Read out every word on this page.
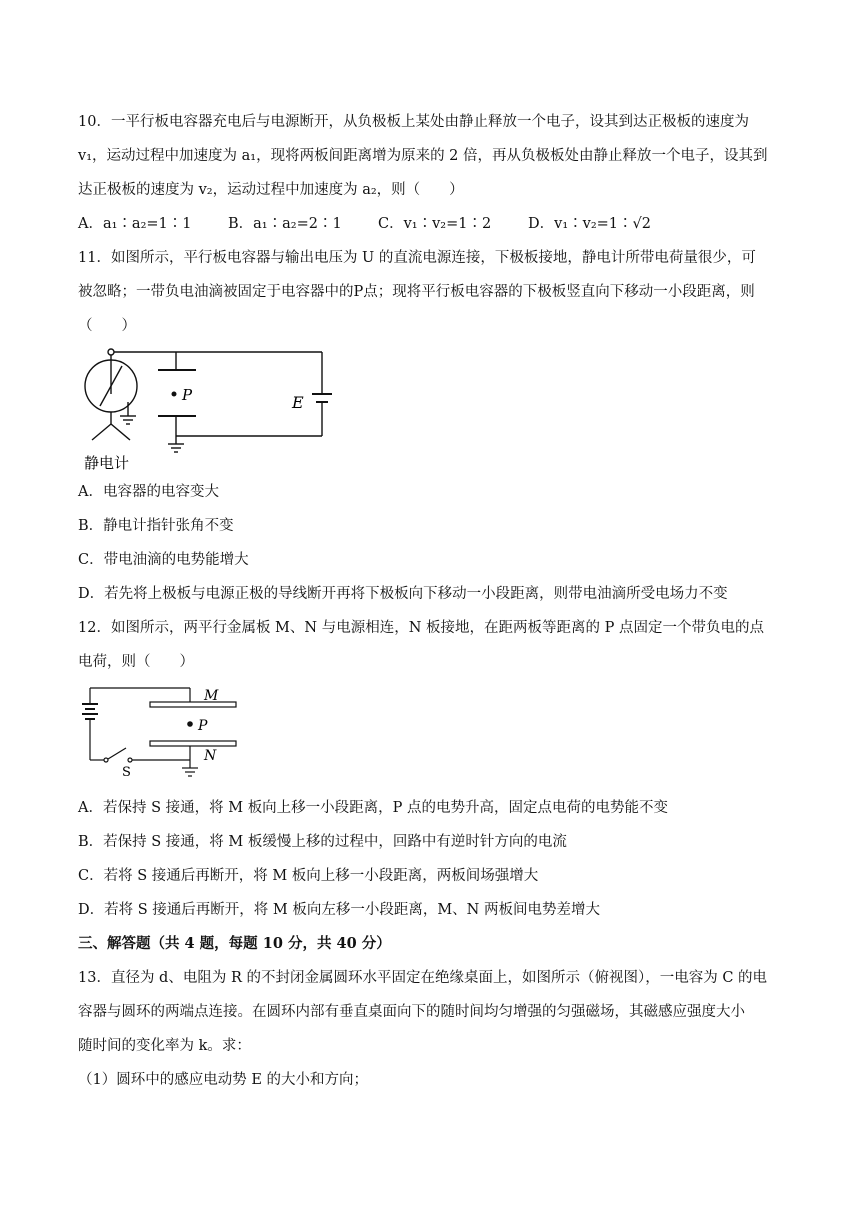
10．一平行板电容器充电后与电源断开，从负极板上某处由静止释放一个电子，设其到达正极板的速度为
v₁，运动过程中加速度为 a₁，现将两板间距离增为原来的 2 倍，再从负极板处由静止释放一个电子，设其到
达正极板的速度为 v₂，运动过程中加速度为 a₂，则（　　）
A．a₁∶a₂=1∶1	B．a₁∶a₂=2∶1	C．v₁∶v₂=1∶2	D．v₁∶v₂=1∶√2
11．如图所示，平行板电容器与输出电压为 U 的直流电源连接，下极板接地，静电计所带电荷量很少，可
被忽略；一带负电油滴被固定于电容器中的P点；现将平行板电容器的下极板竖直向下移动一小段距离，则
（　　）
P	E
静电计
A．电容器的电容变大
B．静电计指针张角不变
C．带电油滴的电势能增大
D．若先将上极板与电源正极的导线断开再将下极板向下移动一小段距离，则带电油滴所受电场力不变
12．如图所示，两平行金属板 M、N 与电源相连，N 板接地，在距两板等距离的 P 点固定一个带负电的点
电荷，则（　　）
M
P
N
S
A．若保持 S 接通，将 M 板向上移一小段距离，P 点的电势升高，固定点电荷的电势能不变
B．若保持 S 接通，将 M 板缓慢上移的过程中，回路中有逆时针方向的电流
C．若将 S 接通后再断开，将 M 板向上移一小段距离，两板间场强增大
D．若将 S 接通后再断开，将 M 板向左移一小段距离，M、N 两板间电势差增大
三、解答题（共 4 题，每题 10 分，共 40 分）
13．直径为 d、电阻为 R 的不封闭金属圆环水平固定在绝缘桌面上，如图所示（俯视图），一电容为 C 的电
容器与圆环的两端点连接。在圆环内部有垂直桌面向下的随时间均匀增强的匀强磁场，其磁感应强度大小
随时间的变化率为 k。求：
（1）圆环中的感应电动势 E 的大小和方向；
